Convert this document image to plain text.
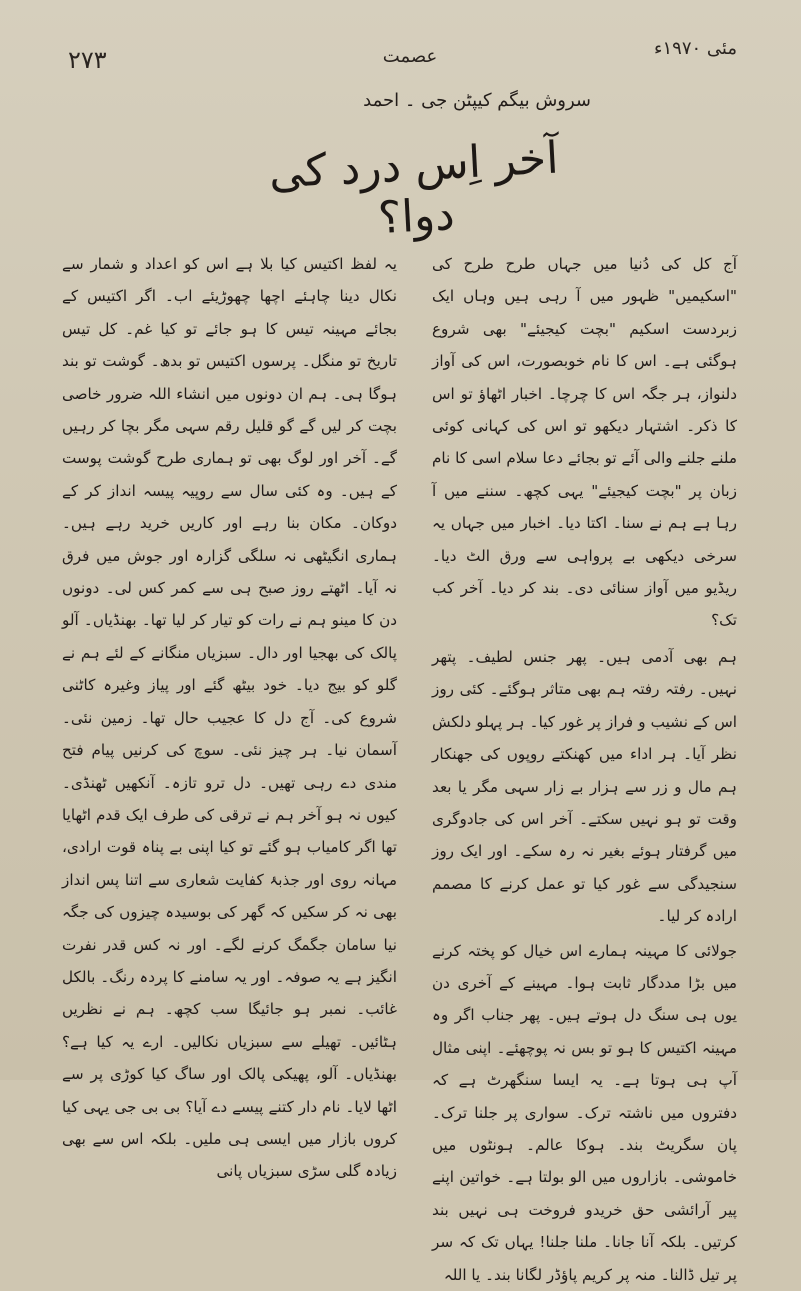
۲۷۳	عصمت	مئی ۱۹۷۰ء
سروش بیگم کیپٹن جی ۔ احمد
آخر اِس درد کی دوا؟

آج کل کی دُنیا میں جہاں طرح طرح کی "اسکیمیں" ظہور میں آ رہی ہیں وہاں ایک زبردست اسکیم "بچت کیجیئے" بھی شروع ہوگئی ہے۔ اس کا نام خوبصورت، اس کی آواز دلنواز، ہر جگہ اس کا چرچا۔ اخبار اٹھاؤ تو اس کا ذکر۔ اشتہار دیکھو تو اس کی کہانی کوئی ملنے جلنے والی آئے تو بجائے دعا سلام اسی کا نام زبان پر "بچت کیجیئے" یہی کچھ۔ سننے میں آ رہا ہے ہم نے سنا۔ اکتا دیا۔ اخبار میں جہاں یہ سرخی دیکھی بے پرواہی سے ورق الٹ دیا۔ ریڈیو میں آواز سنائی دی۔ بند کر دیا۔ آخر کب تک؟

ہم بھی آدمی ہیں۔ پھر جنس لطیف۔ پتھر نہیں۔ رفتہ رفتہ ہم بھی متاثر ہوگئے۔ کئی روز اس کے نشیب و فراز پر غور کیا۔ ہر پہلو دلکش نظر آیا۔ ہر اداء میں کھنکتے روپوں کی جھنکار ہم مال و زر سے ہزار بے زار سہی مگر یا بعد وقت تو ہو نہیں سکتے۔ آخر اس کی جادوگری میں گرفتار ہوئے بغیر نہ رہ سکے۔ اور ایک روز سنجیدگی سے غور کیا تو عمل کرنے کا مصمم ارادہ کر لیا۔

جولائی کا مہینہ ہمارے اس خیال کو پختہ کرنے میں بڑا مددگار ثابت ہوا۔ مہینے کے آخری دن یوں ہی سنگ دل ہوتے ہیں۔ پھر جناب اگر وہ مہینہ اکتیس کا ہو تو بس نہ پوچھئے۔ اپنی مثال آپ ہی ہوتا ہے۔ یہ ایسا سنگھرٹ ہے کہ دفتروں میں ناشتہ ترک۔ سواری پر جلنا ترک۔ پان سگریٹ بند۔ ہوکا عالم۔ ہونٹوں میں خاموشی۔ بازاروں میں الو بولتا ہے۔ خواتین اپنے پیر آرائشی حق خریدو فروخت ہی نہیں بند کرتیں۔ بلکہ آنا جانا۔ ملنا جلنا! یہاں تک کہ سر پر تیل ڈالنا۔ منہ پر کریم پاؤڈر لگانا بند۔ یا اللہ

یہ لفظ اکتیس کیا بلا ہے اس کو اعداد و شمار سے نکال دینا چاہئے اچھا چھوڑیئے اب۔ اگر اکتیس کے بجائے مہینہ تیس کا ہو جائے تو کیا غم۔ کل تیس تاریخ تو منگل۔ پرسوں اکتیس تو بدھ۔ گوشت تو بند ہوگا ہی۔ ہم ان دونوں میں انشاء اللہ ضرور خاصی بچت کر لیں گے گو قلیل رقم سہی مگر بچا کر رہیں گے۔ آخر اور لوگ بھی تو ہماری طرح گوشت پوست کے ہیں۔ وہ کئی سال سے روپیہ پیسہ انداز کر کے دوکان۔ مکان بنا رہے اور کاریں خرید رہے ہیں۔ ہماری انگیٹھی نہ سلگی گزارہ اور جوش میں فرق نہ آیا۔ اٹھتے روز صبح ہی سے کمر کس لی۔ دونوں دن کا مینو ہم نے رات کو تیار کر لیا تھا۔ بھنڈیاں۔ آلو پالک کی بھجیا اور دال۔ سبزیاں منگانے کے لئے ہم نے گلو کو بیج دیا۔ خود بیٹھ گئے اور پیاز وغیرہ کاٹنی شروع کی۔ آج دل کا عجیب حال تھا۔ زمین نئی۔ آسمان نیا۔ ہر چیز نئی۔ سوچ کی کرنیں پیام فتح مندی دے رہی تھیں۔ دل ترو تازہ۔ آنکھیں ٹھنڈی۔ کیوں نہ ہو آخر ہم نے ترقی کی طرف ایک قدم اٹھایا تھا اگر کامیاب ہو گئے تو کیا اپنی بے پناہ قوت ارادی، مہانہ روی اور جذبۂ کفایت شعاری سے اتنا پس انداز بھی نہ کر سکیں کہ گھر کی بوسیدہ چیزوں کی جگہ نیا سامان جگمگ کرنے لگے۔ اور نہ کس قدر نفرت انگیز ہے یہ صوفہ۔ اور یہ سامنے کا پردہ رنگ۔ بالکل غائب۔ نمبر ہو جائیگا سب کچھ۔ ہم نے نظریں ہٹائیں۔ تھیلے سے سبزیاں نکالیں۔ ارے یہ کیا ہے؟ بھنڈیاں۔ آلو، پھیکی پالک اور ساگ کیا کوڑی پر سے اٹھا لایا۔ نام دار کتنے پیسے دے آیا؟ بی بی جی یہی کیا کروں بازار میں ایسی ہی ملیں۔ بلکہ اس سے بھی زیادہ گلی سڑی سبزیاں پانی
